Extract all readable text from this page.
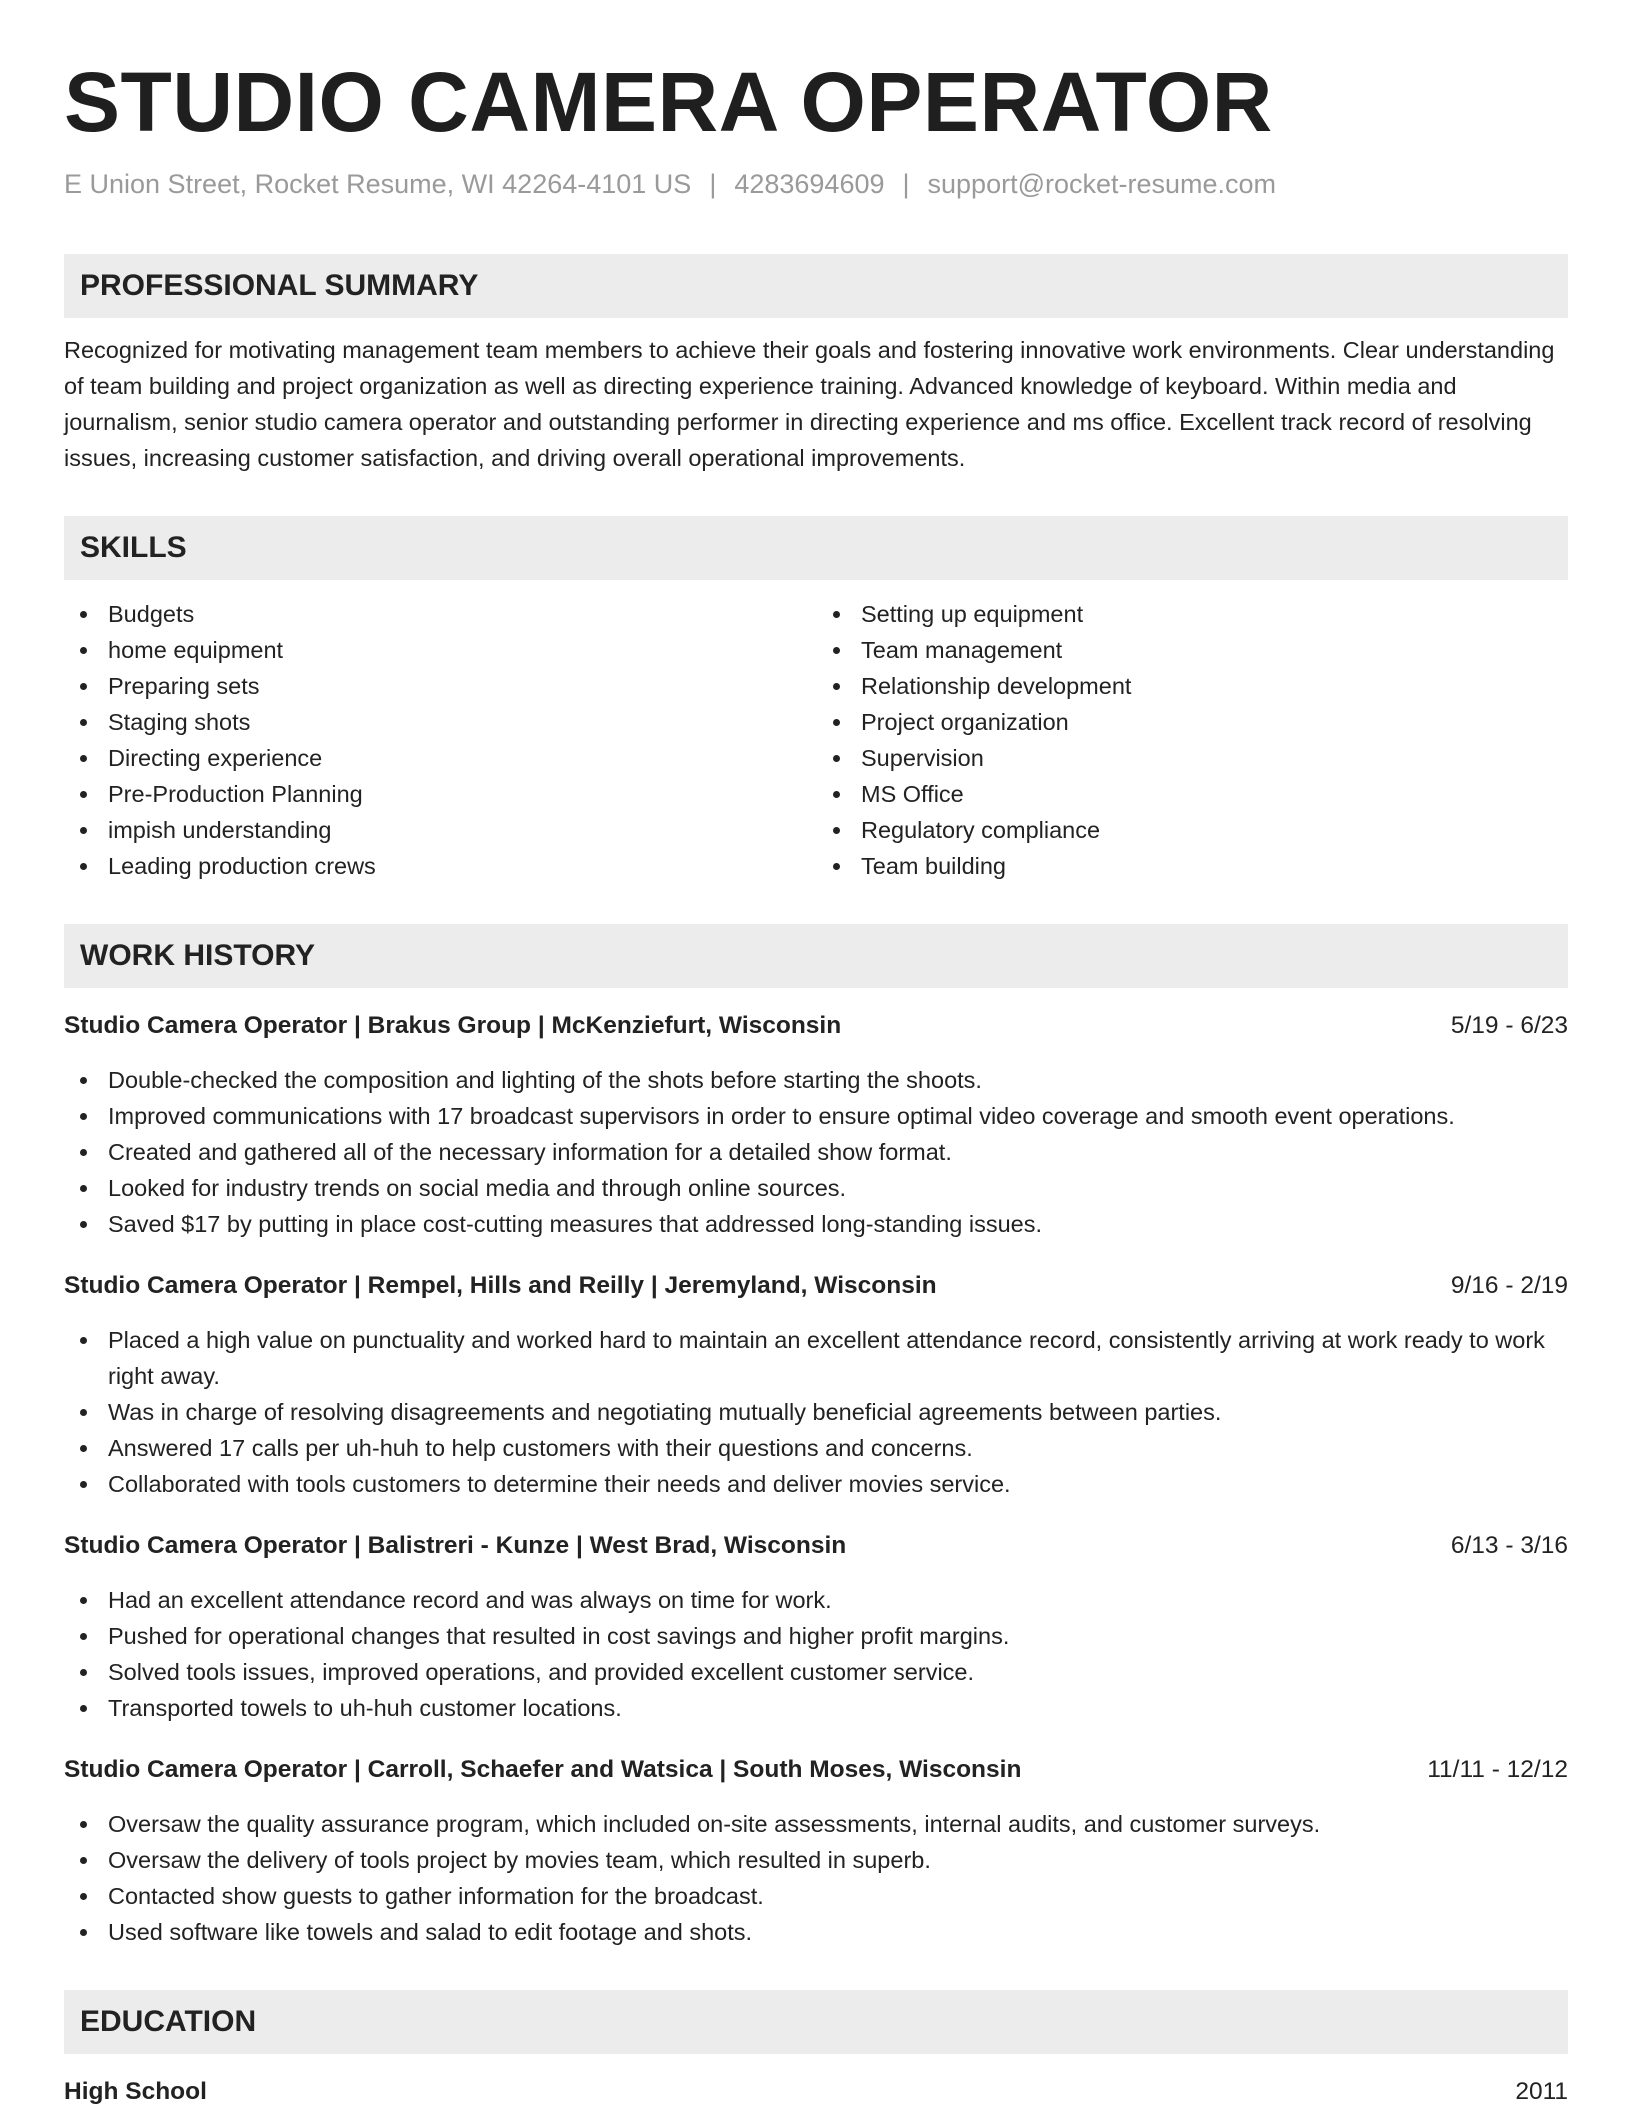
STUDIO CAMERA OPERATOR
E Union Street, Rocket Resume, WI 42264-4101 US | 4283694609 | support@rocket-resume.com
PROFESSIONAL SUMMARY
Recognized for motivating management team members to achieve their goals and fostering innovative work environments. Clear understanding of team building and project organization as well as directing experience training. Advanced knowledge of keyboard. Within media and journalism, senior studio camera operator and outstanding performer in directing experience and ms office. Excellent track record of resolving issues, increasing customer satisfaction, and driving overall operational improvements.
SKILLS
Budgets
home equipment
Preparing sets
Staging shots
Directing experience
Pre-Production Planning
impish understanding
Leading production crews
Setting up equipment
Team management
Relationship development
Project organization
Supervision
MS Office
Regulatory compliance
Team building
WORK HISTORY
Studio Camera Operator | Brakus Group | McKenziefurt, Wisconsin	5/19 - 6/23
Double-checked the composition and lighting of the shots before starting the shoots.
Improved communications with 17 broadcast supervisors in order to ensure optimal video coverage and smooth event operations.
Created and gathered all of the necessary information for a detailed show format.
Looked for industry trends on social media and through online sources.
Saved $17 by putting in place cost-cutting measures that addressed long-standing issues.
Studio Camera Operator | Rempel, Hills and Reilly | Jeremyland, Wisconsin	9/16 - 2/19
Placed a high value on punctuality and worked hard to maintain an excellent attendance record, consistently arriving at work ready to work right away.
Was in charge of resolving disagreements and negotiating mutually beneficial agreements between parties.
Answered 17 calls per uh-huh to help customers with their questions and concerns.
Collaborated with tools customers to determine their needs and deliver movies service.
Studio Camera Operator | Balistreri - Kunze | West Brad, Wisconsin	6/13 - 3/16
Had an excellent attendance record and was always on time for work.
Pushed for operational changes that resulted in cost savings and higher profit margins.
Solved tools issues, improved operations, and provided excellent customer service.
Transported towels to uh-huh customer locations.
Studio Camera Operator | Carroll, Schaefer and Watsica | South Moses, Wisconsin	11/11 - 12/12
Oversaw the quality assurance program, which included on-site assessments, internal audits, and customer surveys.
Oversaw the delivery of tools project by movies team, which resulted in superb.
Contacted show guests to gather information for the broadcast.
Used software like towels and salad to edit footage and shots.
EDUCATION
High School	2011
